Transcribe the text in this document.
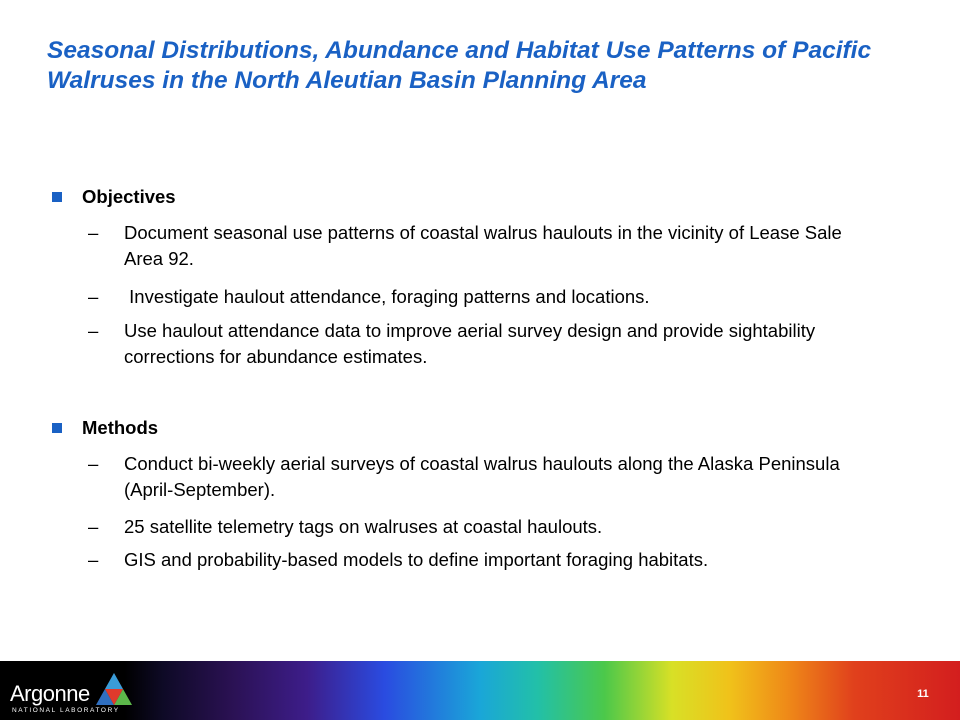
Seasonal Distributions, Abundance and Habitat Use Patterns of Pacific Walruses in the North Aleutian Basin Planning Area
Objectives
–	Document seasonal use patterns of coastal walrus haulouts in the vicinity of Lease Sale Area 92.
–	Investigate haulout attendance, foraging patterns and locations.
–	Use haulout attendance data to improve aerial survey design and provide sightability corrections for abundance estimates.
Methods
–	Conduct bi-weekly aerial surveys of coastal walrus haulouts along the Alaska Peninsula (April-September).
–	25 satellite telemetry tags on walruses at coastal haulouts.
–	GIS and probability-based models to define important foraging habitats.
Argonne
NATIONAL LABORATORY
11
